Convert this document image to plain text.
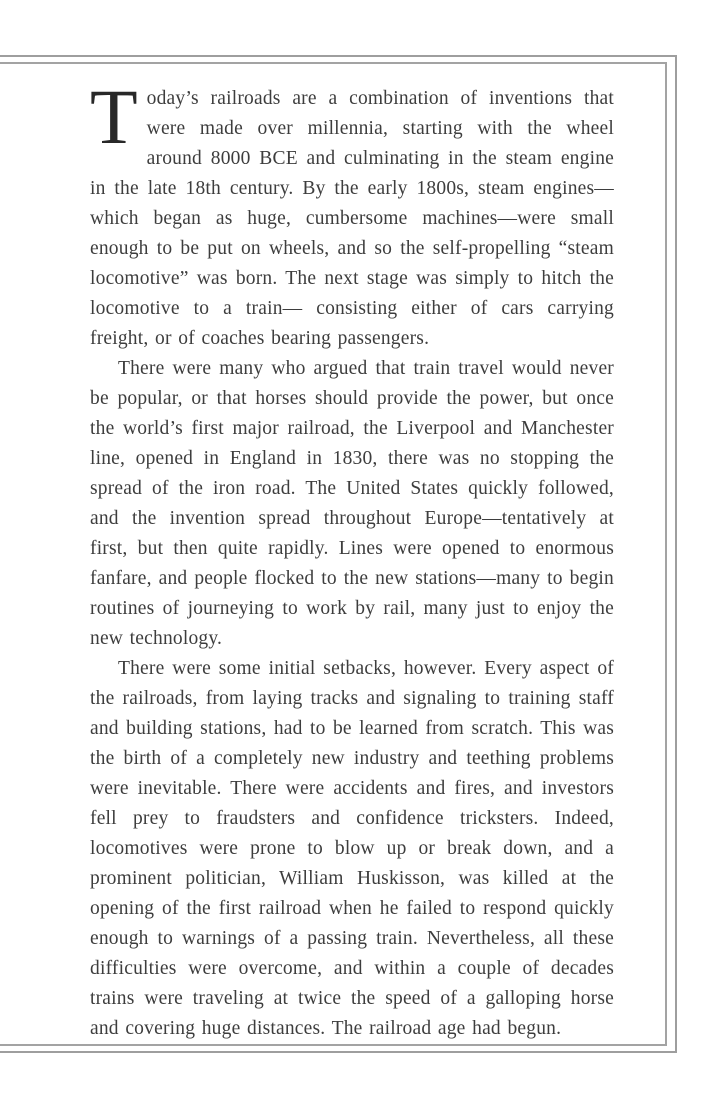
Today’s railroads are a combination of inventions that were made over millennia, starting with the wheel around 8000 BCE and culminating in the steam engine in the late 18th century. By the early 1800s, steam engines—which began as huge, cumbersome machines—were small enough to be put on wheels, and so the self-propelling “steam locomotive” was born. The next stage was simply to hitch the locomotive to a train— consisting either of cars carrying freight, or of coaches bearing passengers.

There were many who argued that train travel would never be popular, or that horses should provide the power, but once the world’s first major railroad, the Liverpool and Manchester line, opened in England in 1830, there was no stopping the spread of the iron road. The United States quickly followed, and the invention spread throughout Europe—tentatively at first, but then quite rapidly. Lines were opened to enormous fanfare, and people flocked to the new stations—many to begin routines of journeying to work by rail, many just to enjoy the new technology.

There were some initial setbacks, however. Every aspect of the railroads, from laying tracks and signaling to training staff and building stations, had to be learned from scratch. This was the birth of a completely new industry and teething problems were inevitable. There were accidents and fires, and investors fell prey to fraudsters and confidence tricksters. Indeed, locomotives were prone to blow up or break down, and a prominent politician, William Huskisson, was killed at the opening of the first railroad when he failed to respond quickly enough to warnings of a passing train. Nevertheless, all these difficulties were overcome, and within a couple of decades trains were traveling at twice the speed of a galloping horse and covering huge distances. The railroad age had begun.
